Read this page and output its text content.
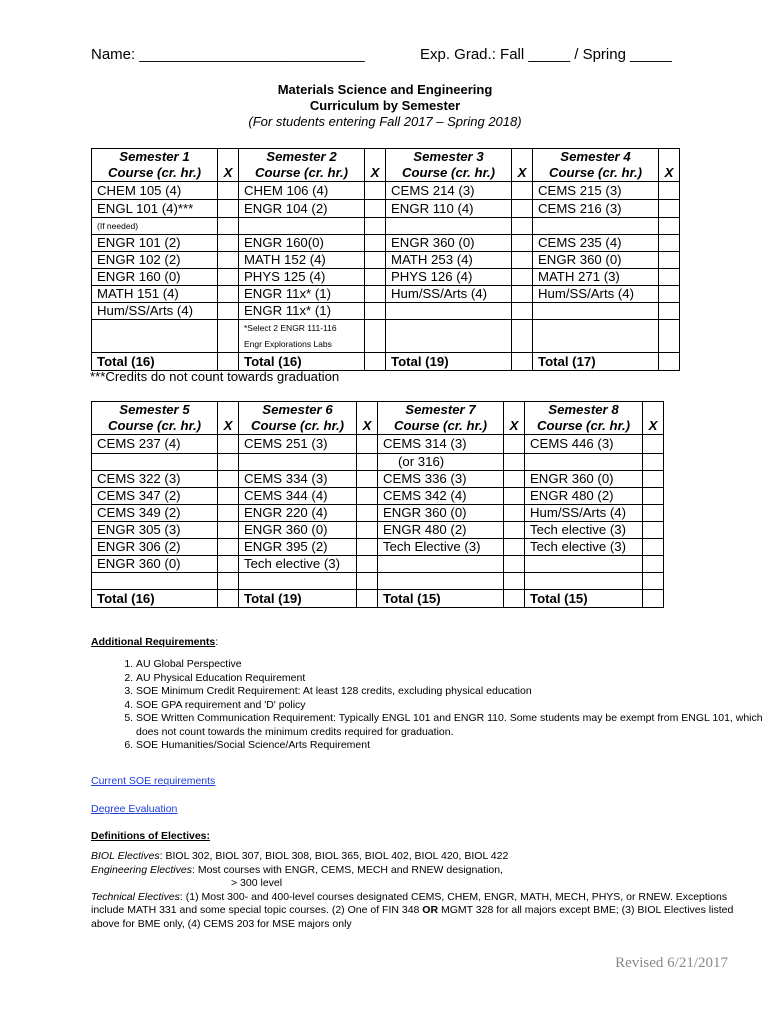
Name: ___________________________	Exp. Grad.: Fall _____ / Spring _____
Materials Science and Engineering
Curriculum by Semester
(For students entering Fall 2017 – Spring 2018)
Semester 1		Semester 2		Semester 3		Semester 4	
Course (cr. hr.)	X	Course (cr. hr.)	X	Course (cr. hr.)	X	Course (cr. hr.)	X
CHEM 105 (4)		CHEM 106 (4)		CEMS 214 (3)		CEMS 215 (3)	
ENGL 101 (4)***		ENGR 104 (2)		ENGR 110 (4)		CEMS 216 (3)	
(If needed)							
ENGR 101 (2)		ENGR 160(0)		ENGR 360 (0)		CEMS 235 (4)	
ENGR 102 (2)		MATH 152 (4)		MATH 253 (4)		ENGR 360 (0)	
ENGR 160 (0)		PHYS 125 (4)		PHYS 126 (4)		MATH 271 (3)	
MATH 151 (4)		ENGR 11x* (1)		Hum/SS/Arts (4)		Hum/SS/Arts (4)	
Hum/SS/Arts (4)		ENGR 11x* (1)					
		*Select 2 ENGR 111-116					
		Engr Explorations Labs					
Total (16)		Total (16)		Total (19)		Total (17)	
***Credits do not count towards graduation
Semester 5		Semester 6		Semester 7		Semester 8	
Course (cr. hr.)	X	Course (cr. hr.)	X	Course (cr. hr.)	X	Course (cr. hr.)	X
CEMS 237 (4)		CEMS 251 (3)		CEMS 314 (3)		CEMS 446 (3)	
				(or 316)			
CEMS 322 (3)		CEMS 334 (3)		CEMS 336 (3)		ENGR 360 (0)	
CEMS 347 (2)		CEMS 344 (4)		CEMS 342 (4)		ENGR 480 (2)	
CEMS 349 (2)		ENGR 220 (4)		ENGR 360 (0)		Hum/SS/Arts (4)	
ENGR 305 (3)		ENGR 360 (0)		ENGR 480 (2)		Tech elective (3)	
ENGR 306 (2)		ENGR 395 (2)		Tech Elective (3)		Tech elective (3)	
ENGR 360 (0)		Tech elective (3)					

Total (16)		Total (19)		Total (15)		Total (15)	
Additional Requirements:
1. AU Global Perspective
2. AU Physical Education Requirement
3. SOE Minimum Credit Requirement: At least 128 credits, excluding physical education
4. SOE GPA requirement and 'D' policy
5. SOE Written Communication Requirement: Typically ENGL 101 and ENGR 110. Some students may be exempt from ENGL 101, which does not count towards the minimum credits required for graduation.
6. SOE Humanities/Social Science/Arts Requirement
Current SOE requirements
Degree Evaluation
Definitions of Electives:
BIOL Electives: BIOL 302, BIOL 307, BIOL 308, BIOL 365, BIOL 402, BIOL 420, BIOL 422
Engineering Electives: Most courses with ENGR, CEMS, MECH and RNEW designation,
> 300 level
Technical Electives: (1) Most 300- and 400-level courses designated CEMS, CHEM, ENGR, MATH, MECH, PHYS, or RNEW. Exceptions include MATH 331 and some special topic courses. (2) One of FIN 348 OR MGMT 328 for all majors except BME; (3) BIOL Electives listed above for BME only, (4) CEMS 203 for MSE majors only
Revised 6/21/2017
